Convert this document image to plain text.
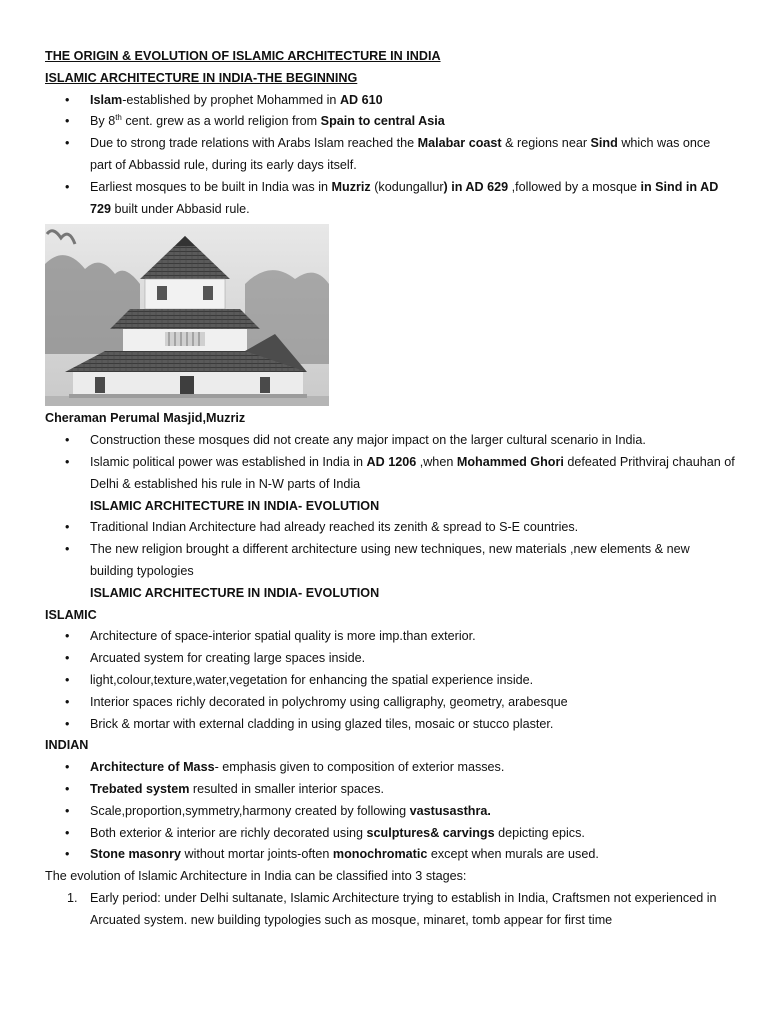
THE ORIGIN & EVOLUTION OF ISLAMIC ARCHITECTURE IN INDIA
ISLAMIC ARCHITECTURE IN INDIA-THE BEGINNING
• Islam-established by prophet Mohammed in AD 610
• By 8th cent. grew as a world religion from Spain to central Asia
• Due to strong trade relations with Arabs Islam reached the Malabar coast & regions near Sind which was once part of Abbassid rule, during its early days itself.
• Earliest mosques to be built in India was in Muzriz (kodungallur) in AD 629 ,followed by a mosque in Sind in AD 729 built under Abbasid rule.
Cheraman Perumal Masjid,Muzriz
• Construction these mosques did not create any major impact on the larger cultural scenario in India.
• Islamic political power was established in India in AD 1206 ,when Mohammed Ghori defeated Prithviraj chauhan of Delhi & established his rule in N-W parts of India
ISLAMIC ARCHITECTURE IN INDIA- EVOLUTION
• Traditional Indian Architecture had already reached its zenith & spread to S-E countries.
• The new religion brought a different architecture using new techniques, new materials ,new elements & new building typologies
ISLAMIC ARCHITECTURE IN INDIA- EVOLUTION
ISLAMIC
• Architecture of space-interior spatial quality is more imp.than exterior.
• Arcuated system for creating large spaces inside.
• light,colour,texture,water,vegetation for enhancing the spatial experience inside.
• Interior spaces richly decorated in polychromy using calligraphy, geometry, arabesque
• Brick & mortar with external cladding in using glazed tiles, mosaic or stucco plaster.
INDIAN
• Architecture of Mass- emphasis given to composition of exterior masses.
• Trebated system resulted in smaller interior spaces.
• Scale,proportion,symmetry,harmony created by following vastusasthra.
• Both exterior & interior are richly decorated using sculptures& carvings depicting epics.
• Stone masonry without mortar joints-often monochromatic except when murals are used.
The evolution of Islamic Architecture in India can be classified into 3 stages:
1. Early period: under Delhi sultanate, Islamic Architecture trying to establish in India, Craftsmen not experienced in Arcuated system. new building typologies such as mosque, minaret, tomb appear for first time
